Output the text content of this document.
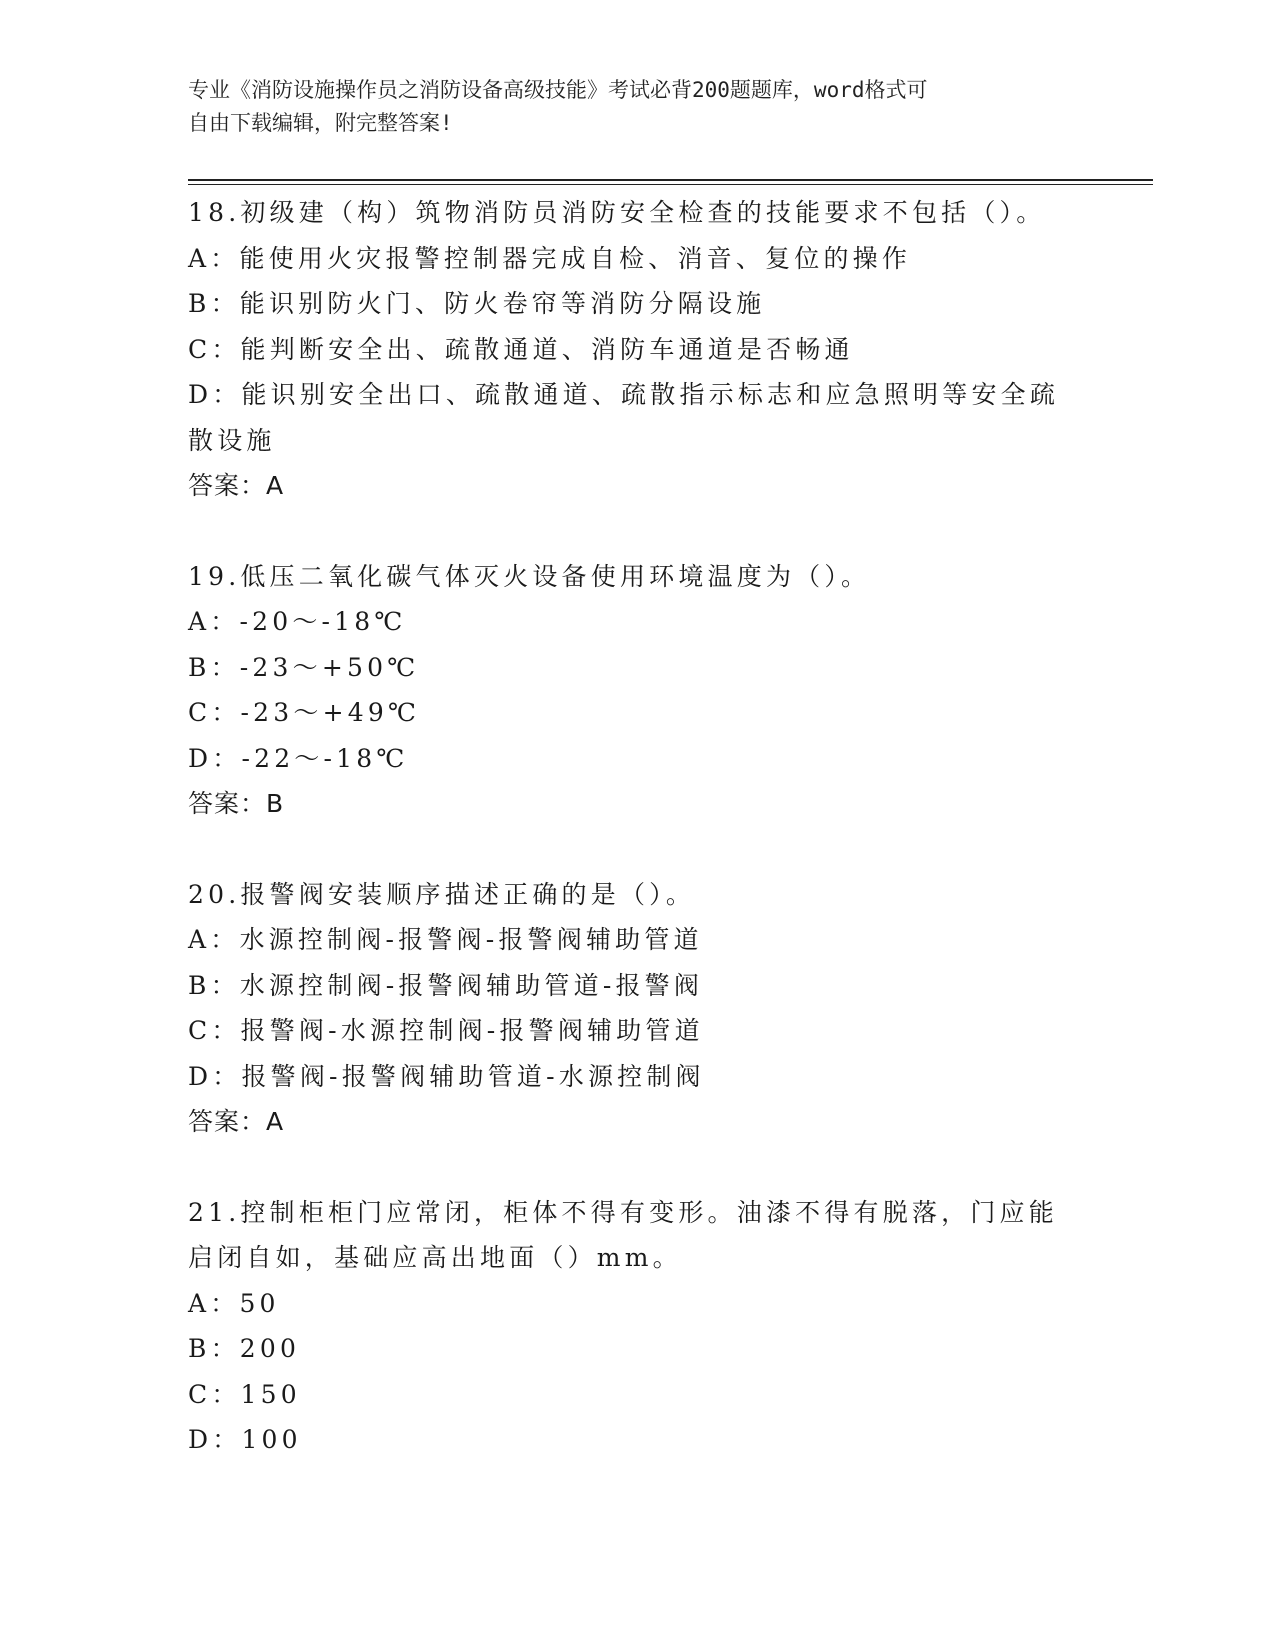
专业《消防设施操作员之消防设备高级技能》考试必背200题题库，word格式可
自由下载编辑，附完整答案!
18.初级建（构）筑物消防员消防安全检查的技能要求不包括（）。
A：能使用火灾报警控制器完成自检、消音、复位的操作
B：能识别防火门、防火卷帘等消防分隔设施
C：能判断安全出、疏散通道、消防车通道是否畅通
D：能识别安全出口、疏散通道、疏散指示标志和应急照明等安全疏散设施
答案：A
19.低压二氧化碳气体灭火设备使用环境温度为（）。
A：-20～-18℃
B：-23～+50℃
C：-23～+49℃
D：-22～-18℃
答案：B
20.报警阀安装顺序描述正确的是（）。
A：水源控制阀-报警阀-报警阀辅助管道
B：水源控制阀-报警阀辅助管道-报警阀
C：报警阀-水源控制阀-报警阀辅助管道
D：报警阀-报警阀辅助管道-水源控制阀
答案：A
21.控制柜柜门应常闭，柜体不得有变形。油漆不得有脱落，门应能启闭自如，基础应高出地面（）mm。
A：50
B：200
C：150
D：100
